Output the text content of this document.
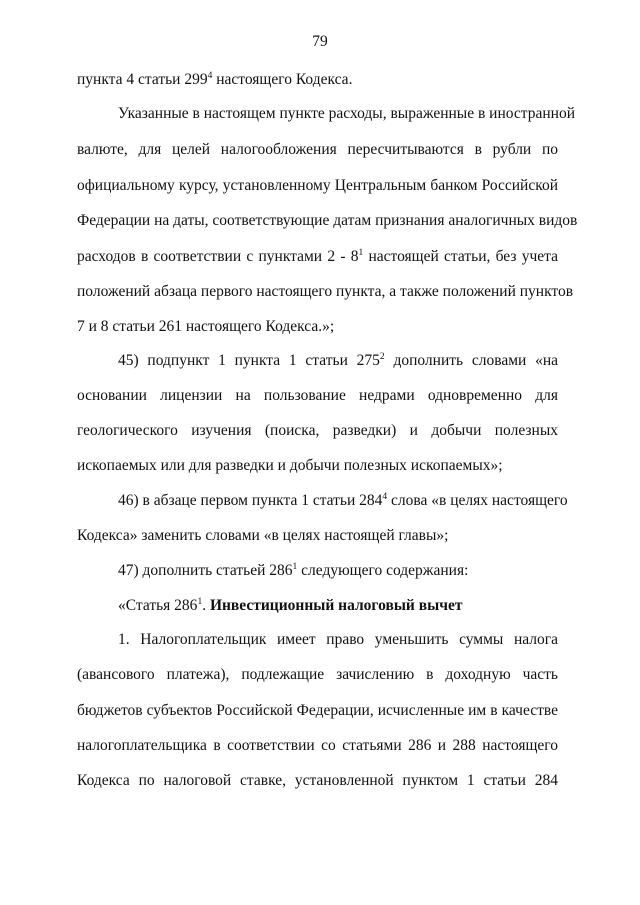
79
пункта 4 статьи $299^4$ настоящего Кодекса.
Указанные в настоящем пункте расходы, выраженные в иностранной
валюте, для целей налогообложения пересчитываются в рубли по
официальному курсу, установленному Центральным банком Российской
Федерации на даты, соответствующие датам признания аналогичных видов
расходов в соответствии с пунктами $2 - 8^1$ настоящей статьи, без учета
положений абзаца первого настоящего пункта, а также положений пунктов
7 и 8 статьи 261 настоящего Кодекса.»;
45) подпункт 1 пункта 1 статьи $275^2$ дополнить словами «на
основании лицензии на пользование недрами одновременно для
геологического изучения (поиска, разведки) и добычи полезных
ископаемых или для разведки и добычи полезных ископаемых»;
46) в абзаце первом пункта 1 статьи $284^4$ слова «в целях настоящего
Кодекса» заменить словами «в целях настоящей главы»;
47) дополнить статьей $286^1$ следующего содержания:
«Статья $286^1$. Инвестиционный налоговый вычет
1. Налогоплательщик имеет право уменьшить суммы налога
(авансового платежа), подлежащие зачислению в доходную часть
бюджетов субъектов Российской Федерации, исчисленные им в качестве
налогоплательщика в соответствии со статьями 286 и 288 настоящего
Кодекса по налоговой ставке, установленной пунктом 1 статьи 284
